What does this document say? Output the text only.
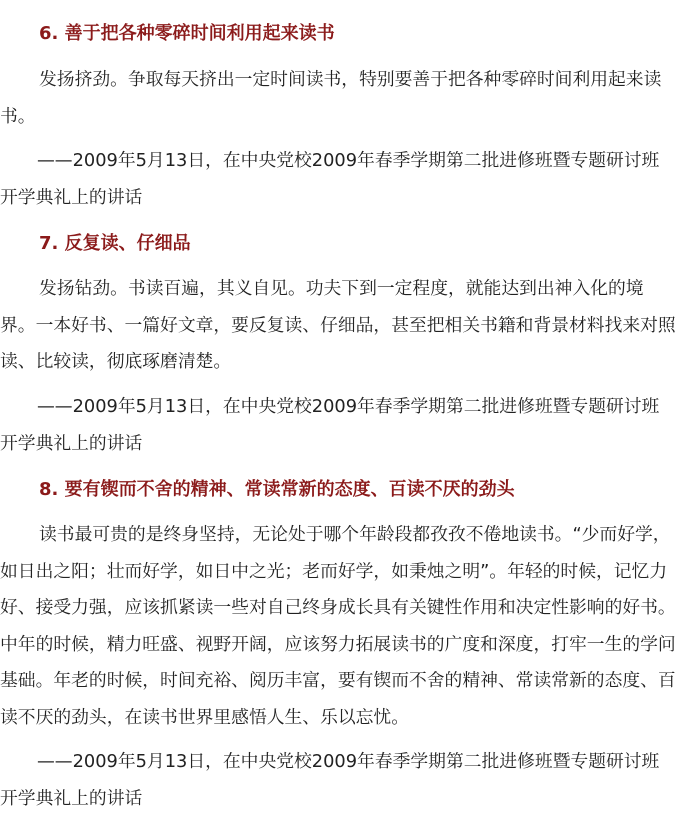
6. 善于把各种零碎时间利用起来读书

发扬挤劲。争取每天挤出一定时间读书，特别要善于把各种零碎时间利用起来读书。

——2009年5月13日，在中央党校2009年春季学期第二批进修班暨专题研讨班开学典礼上的讲话

7. 反复读、仔细品

发扬钻劲。书读百遍，其义自见。功夫下到一定程度，就能达到出神入化的境界。一本好书、一篇好文章，要反复读、仔细品，甚至把相关书籍和背景材料找来对照读、比较读，彻底琢磨清楚。

——2009年5月13日，在中央党校2009年春季学期第二批进修班暨专题研讨班开学典礼上的讲话

8. 要有锲而不舍的精神、常读常新的态度、百读不厌的劲头

读书最可贵的是终身坚持，无论处于哪个年龄段都孜孜不倦地读书。“少而好学，如日出之阳；壮而好学，如日中之光；老而好学，如秉烛之明”。年轻的时候，记忆力好、接受力强，应该抓紧读一些对自己终身成长具有关键性作用和决定性影响的好书。中年的时候，精力旺盛、视野开阔，应该努力拓展读书的广度和深度，打牢一生的学问基础。年老的时候，时间充裕、阅历丰富，要有锲而不舍的精神、常读常新的态度、百读不厌的劲头，在读书世界里感悟人生、乐以忘忧。

——2009年5月13日，在中央党校2009年春季学期第二批进修班暨专题研讨班开学典礼上的讲话
